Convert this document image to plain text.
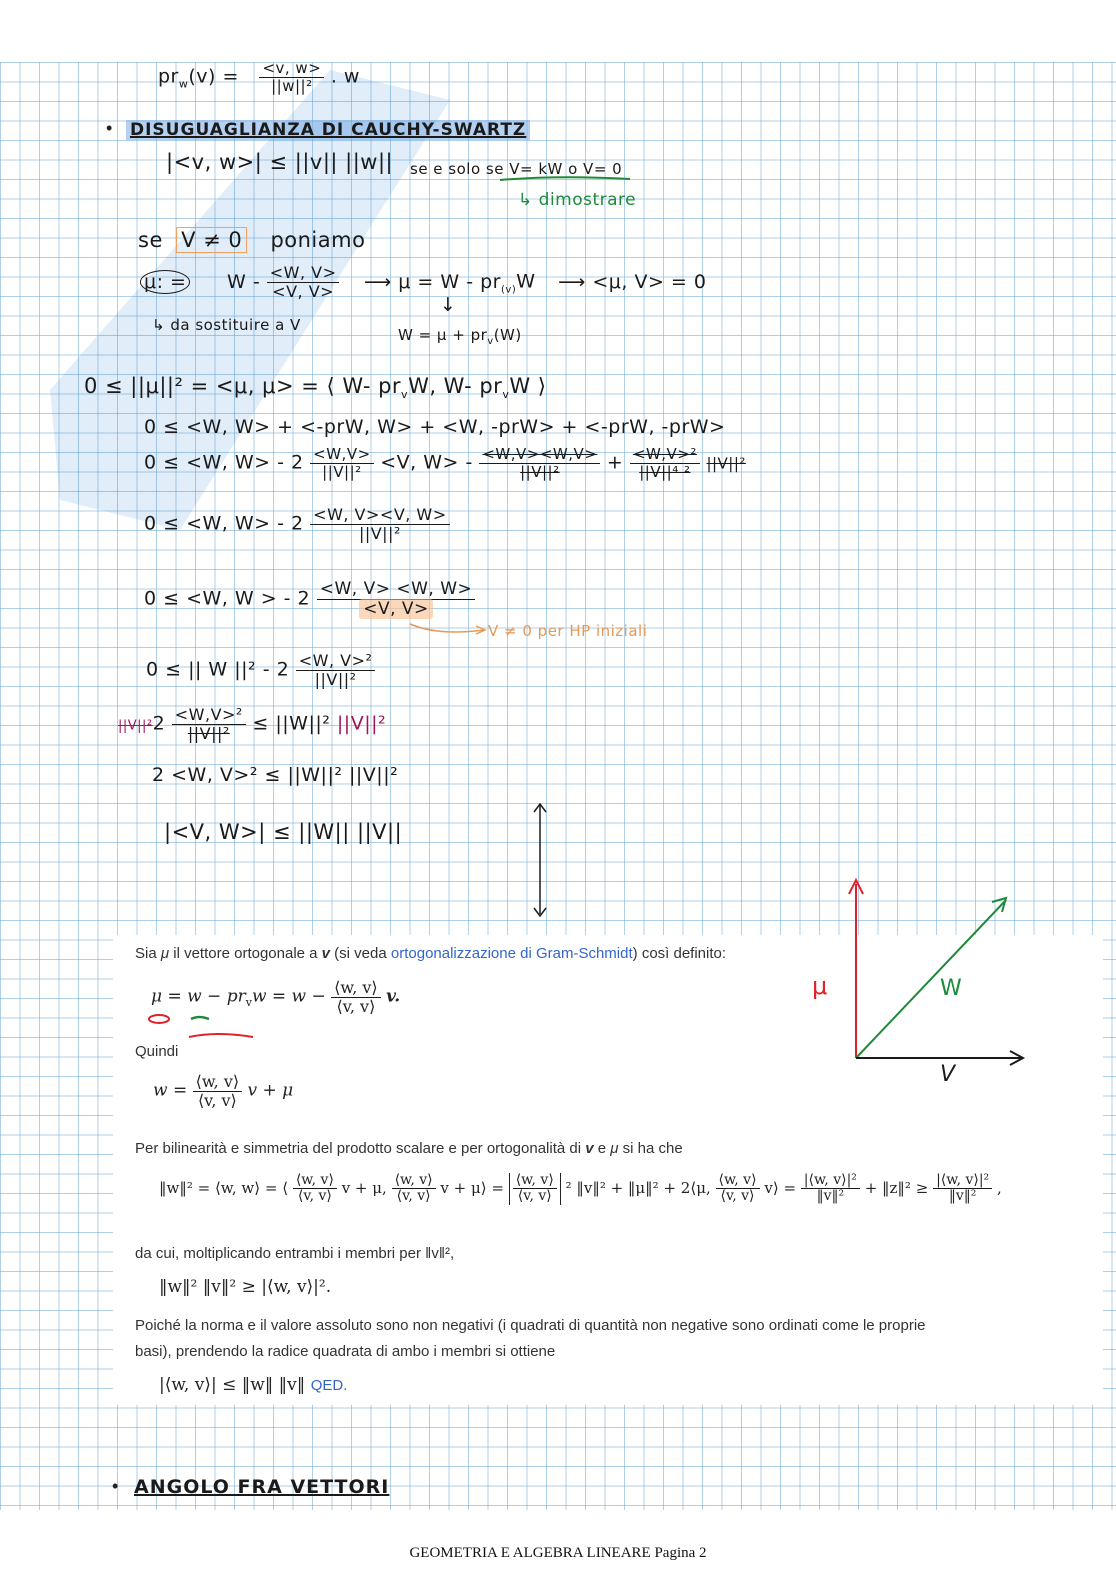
$pr_w(v) = \frac{<v, w>}{\text{||w||²}}$ . w
• DISUGUAGLIANZA DI CAUCHY-SWARTZ
|<v, w>| ≤ ||v|| ||w|| se e solo se V= kW o V= 0
↳ dimostrare
se V ≠ 0 poniamo
μ: = W - $\frac{<W, V>}{<V, V>}$ ⟶ $\mu = W - pr_{(v)}W$ ⟶ <μ, V> = 0
↓
$W = \mu + pr_v(W)$
↳ da sostituire a V
0 ≤ ||μ||² = <μ, μ> = ⟨ W- $pr_vW$, W- $pr_vW$ ⟩
0 ≤ <W, W> + <-prW, W> + <W, -prW> + <-prW, -prW>
0 ≤ <W, $W> - 2 \frac{<W,V>}{\text{||V||²}} <V$, $W> - \frac{<W,V><W,V>}{\text{||V||²}} + \frac{\text{<W,V>²}}{\text{||V||⁴ ²}} ||V||^2$
0 ≤ <W, $W> - 2 \frac{<W, V><V, W>}{\text{||V||²}}$
0 ≤ <W, W > - $2 \frac{<W, V> <W, W>}{<V, V>}$
V ≠ 0 per HP iniziali
0 ≤ || W $||^2 - 2 \frac{\text{<W, V>²}}{\text{||V||²}}$
$||V||^22 \frac{\text{<W,V>²}}{\text{||V||²}} \le ||W||^2$ ||V||²
2 <W, V>² ≤ ||W||² ||V||²
|<V, W>| ≤ ||W|| ||V||
Sia μ il vettore ortogonale a v (si veda ortogonalizzazione di Gram-Schmidt) così definito:
$\mu = w - pr_vw = w - \frac{⟨w, v⟩}{⟨v, v⟩} v$.
Quindi
$w = \frac{⟨w, v⟩}{⟨v, v⟩}$ v + μ
Per bilinearità e simmetria del prodotto scalare e per ortogonalità di v e μ si ha che
‖w‖² = ⟨w, w⟩ = ⟨ $\frac{⟨w, v⟩}{⟨v, v⟩}$ v + μ, $\frac{⟨w, v⟩}{⟨v, v⟩}$ v + μ⟩ = $\frac{⟨w, v⟩}{⟨v, v⟩} ^2$ ‖v‖² + ‖μ‖² + 2⟨μ, $\frac{⟨w, v⟩}{⟨v, v⟩}$ v⟩ = $\frac{\text{|⟨w, v⟩|²}}{\text{‖v‖²}}$ + ‖z‖² ≥ $\frac{\text{|⟨w, v⟩|²}}{\text{‖v‖²}}$ ,
da cui, moltiplicando entrambi i membri per ‖v‖²,
‖w‖² ‖v‖² ≥ |⟨w, v⟩|².
Poiché la norma e il valore assoluto sono non negativi (i quadrati di quantità non negative sono ordinati come le proprie
basi), prendendo la radice quadrata di ambo i membri si ottiene
|⟨w, v⟩| ≤ ‖w‖ ‖v‖ QED.
μ	W
V
• ANGOLO FRA VETTORI
GEOMETRIA E ALGEBRA LINEARE Pagina 2
